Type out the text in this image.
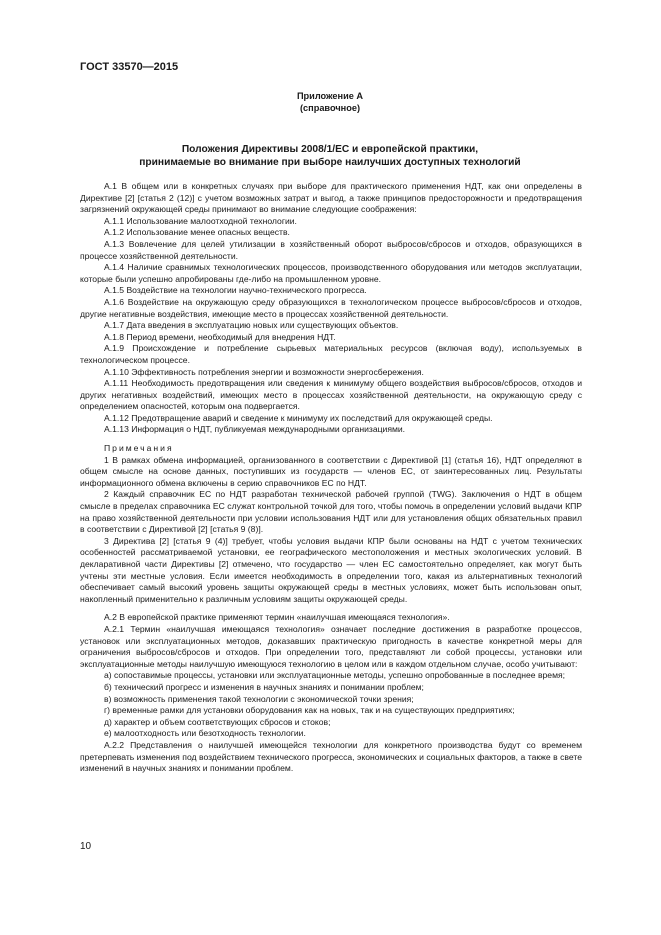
ГОСТ 33570—2015
Приложение А
(справочное)
Положения Директивы 2008/1/ЕС и европейской практики,
принимаемые во внимание при выборе наилучших доступных технологий

А.1 В общем или в конкретных случаях при выборе для практического применения НДТ, как они определены в Директиве [2] [статья 2 (12)] с учетом возможных затрат и выгод, а также принципов предосторожности и предотвращения загрязнений окружающей среды принимают во внимание следующие соображения:

А.1.1 Использование малоотходной технологии.

А.1.2 Использование менее опасных веществ.

А.1.3 Вовлечение для целей утилизации в хозяйственный оборот выбросов/сбросов и отходов, образующихся в процессе хозяйственной деятельности.

А.1.4 Наличие сравнимых технологических процессов, производственного оборудования или методов эксплуатации, которые были успешно апробированы где-либо на промышленном уровне.

А.1.5 Воздействие на технологии научно-технического прогресса.

А.1.6 Воздействие на окружающую среду образующихся в технологическом процессе выбросов/сбросов и отходов, другие негативные воздействия, имеющие место в процессах хозяйственной деятельности.

А.1.7 Дата введения в эксплуатацию новых или существующих объектов.

А.1.8 Период времени, необходимый для внедрения НДТ.

А.1.9 Происхождение и потребление сырьевых материальных ресурсов (включая воду), используемых в технологическом процессе.

А.1.10 Эффективность потребления энергии и возможности энергосбережения.

А.1.11 Необходимость предотвращения или сведения к минимуму общего воздействия выбросов/сбросов, отходов и других негативных воздействий, имеющих место в процессах хозяйственной деятельности, на окружающую среду с определением опасностей, которым она подвергается.

А.1.12 Предотвращение аварий и сведение к минимуму их последствий для окружающей среды.

А.1.13 Информация о НДТ, публикуемая международными организациями.

Примечания

1 В рамках обмена информацией, организованного в соответствии с Директивой [1] (статья 16), НДТ определяют в общем смысле на основе данных, поступивших из государств — членов ЕС, от заинтересованных лиц. Результаты информационного обмена включены в серию справочников ЕС по НДТ.

2 Каждый справочник ЕС по НДТ разработан технической рабочей группой (TWG). Заключения о НДТ в общем смысле в пределах справочника ЕС служат контрольной точкой для того, чтобы помочь в определении условий выдачи КПР на право хозяйственной деятельности при условии использования НДТ или для установления общих обязательных правил в соответствии с Директивой [2] [статья 9 (8)].

3 Директива [2] [статья 9 (4)] требует, чтобы условия выдачи КПР были основаны на НДТ с учетом технических особенностей рассматриваемой установки, ее географического местоположения и местных экологических условий. В декларативной части Директивы [2] отмечено, что государство — член ЕС самостоятельно определяет, как могут быть учтены эти местные условия. Если имеется необходимость в определении того, какая из альтернативных технологий обеспечивает самый высокий уровень защиты окружающей среды в местных условиях, может быть использован опыт, накопленный применительно к различным условиям защиты окружающей среды.

А.2 В европейской практике применяют термин «наилучшая имеющаяся технология».

А.2.1 Термин «наилучшая имеющаяся технология» означает последние достижения в разработке процессов, установок или эксплуатационных методов, доказавших практическую пригодность в качестве конкретной меры для ограничения выбросов/сбросов и отходов. При определении того, представляют ли собой процессы, установки или эксплуатационные методы наилучшую имеющуюся технологию в целом или в каждом отдельном случае, особо учитывают:

а) сопоставимые процессы, установки или эксплуатационные методы, успешно опробованные в последнее время;

б) технический прогресс и изменения в научных знаниях и понимании проблем;

в) возможность применения такой технологии с экономической точки зрения;

г) временные рамки для установки оборудования как на новых, так и на существующих предприятиях;

д) характер и объем соответствующих сбросов и стоков;

е) малоотходность или безотходность технологии.

А.2.2 Представления о наилучшей имеющейся технологии для конкретного производства будут со временем претерпевать изменения под воздействием технического прогресса, экономических и социальных факторов, а также в свете изменений в научных знаниях и понимании проблем.

10
